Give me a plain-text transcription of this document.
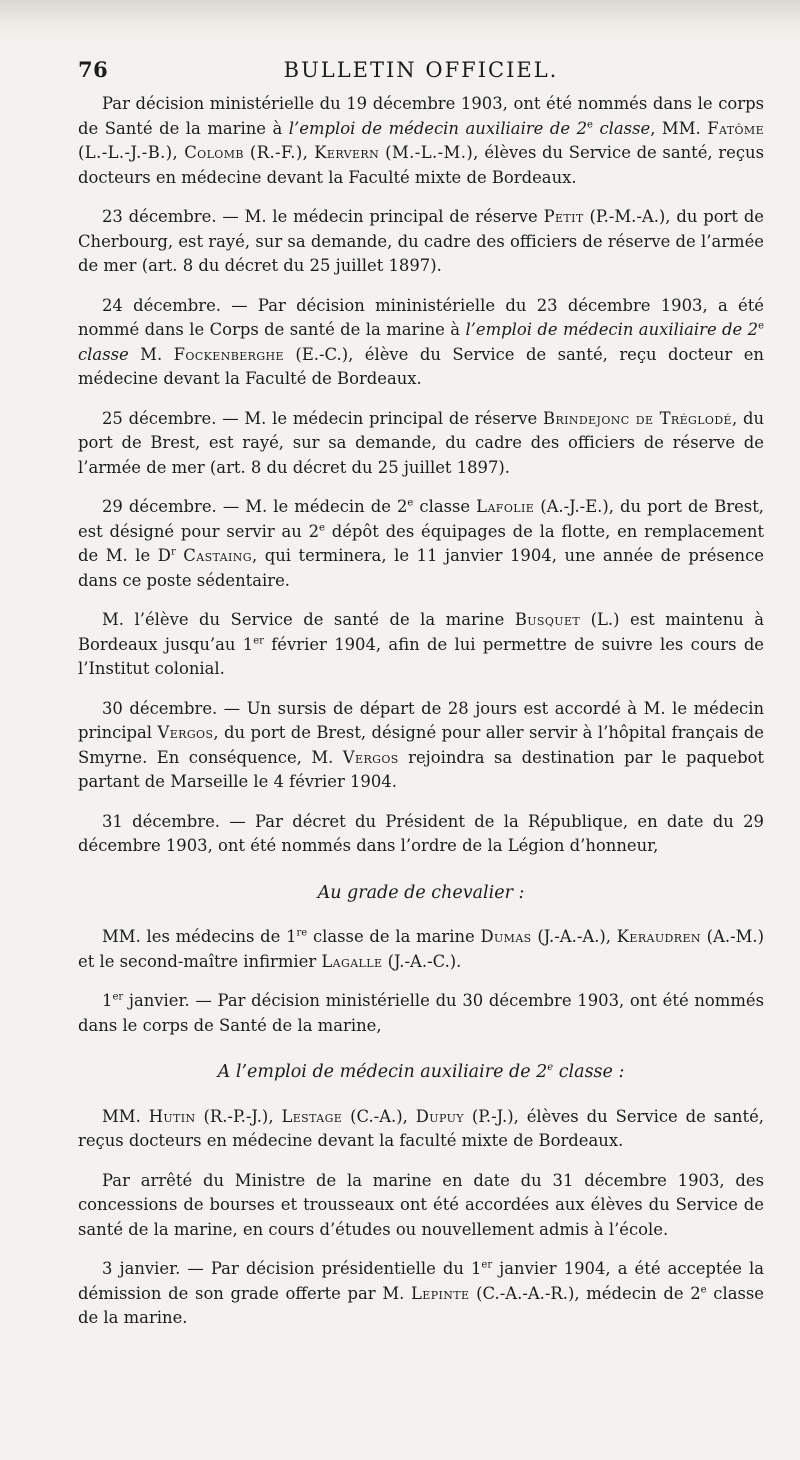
76	BULLETIN OFFICIEL.

Par décision ministérielle du 19 décembre 1903, ont été nommés dans le corps de Santé de la marine à l’emploi de médecin auxiliaire de 2e classe, MM. Fatôme (L.-L.-J.-B.), Colomb (R.-F.), Kervern (M.-L.-M.), élèves du Service de santé, reçus docteurs en médecine devant la Faculté mixte de Bordeaux.

23 décembre. — M. le médecin principal de réserve Petit (P.-M.-A.), du port de Cherbourg, est rayé, sur sa demande, du cadre des officiers de réserve de l’armée de mer (art. 8 du décret du 25 juillet 1897).

24 décembre. — Par décision mininistérielle du 23 décembre 1903, a été nommé dans le Corps de santé de la marine à l’emploi de médecin auxiliaire de 2e classe M. Fockenberghe (E.-C.), élève du Service de santé, reçu docteur en médecine devant la Faculté de Bordeaux.

25 décembre. — M. le médecin principal de réserve Brindejonc de Tréglodé, du port de Brest, est rayé, sur sa demande, du cadre des officiers de réserve de l’armée de mer (art. 8 du décret du 25 juillet 1897).

29 décembre. — M. le médecin de 2e classe Lafolie (A.-J.-E.), du port de Brest, est désigné pour servir au 2e dépôt des équipages de la flotte, en remplacement de M. le $D^r$ Castaing, qui terminera, le 11 janvier 1904, une année de présence dans ce poste sédentaire.

M. l’élève du Service de santé de la marine Busquet (L.) est maintenu à Bordeaux jusqu’au 1er février 1904, afin de lui permettre de suivre les cours de l’Institut colonial.

30 décembre. — Un sursis de départ de 28 jours est accordé à M. le médecin principal Vergos, du port de Brest, désigné pour aller servir à l’hôpital français de Smyrne. En conséquence, M. Vergos rejoindra sa destination par le paquebot partant de Marseille le 4 février 1904.

31 décembre. — Par décret du Président de la République, en date du 29 décembre 1903, ont été nommés dans l’ordre de la Légion d’honneur,

Au grade de chevalier :

MM. les médecins de 1re classe de la marine Dumas (J.-A.-A.), Keraudren (A.-M.) et le second-maître infirmier Lagalle (J.-A.-C.).

1er janvier. — Par décision ministérielle du 30 décembre 1903, ont été nommés dans le corps de Santé de la marine,

A l’emploi de médecin auxiliaire de 2e classe :

MM. Hutin (R.-P.-J.), Lestage (C.-A.), Dupuy (P.-J.), élèves du Service de santé, reçus docteurs en médecine devant la faculté mixte de Bordeaux.

Par arrêté du Ministre de la marine en date du 31 décembre 1903, des concessions de bourses et trousseaux ont été accordées aux élèves du Service de santé de la marine, en cours d’études ou nouvellement admis à l’école.

3 janvier. — Par décision présidentielle du 1er janvier 1904, a été acceptée la démission de son grade offerte par M. Lepinte (C.-A.-A.-R.), médecin de 2e classe de la marine.
